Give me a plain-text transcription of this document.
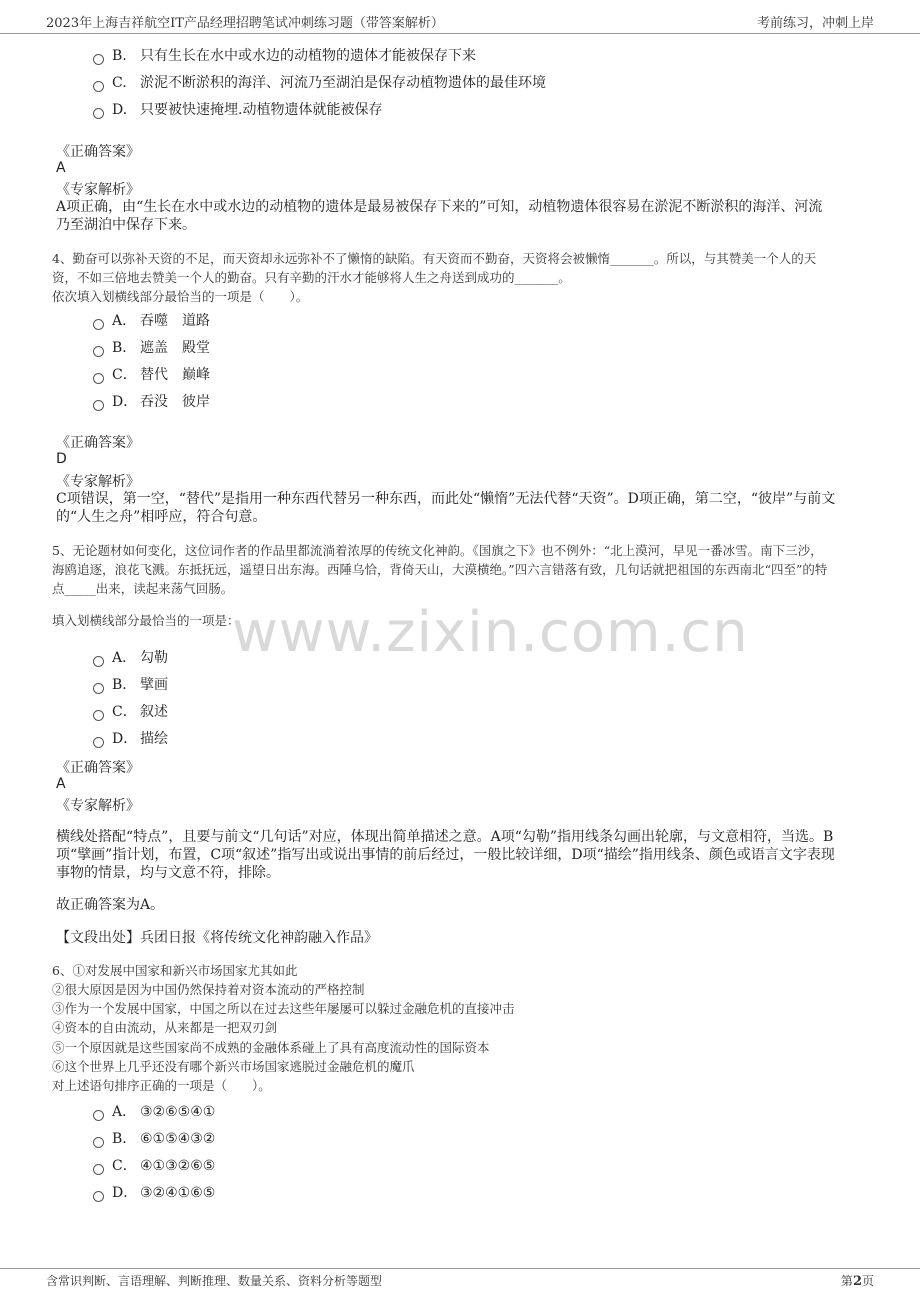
2023年上海吉祥航空IT产品经理招聘笔试冲刺练习题（带答案解析）	考前练习，冲刺上岸
www.zixin.com.cn
B. 只有生长在水中或水边的动植物的遗体才能被保存下来
C. 淤泥不断淤积的海洋、河流乃至湖泊是保存动植物遗体的最佳环境
D. 只要被快速掩埋.动植物遗体就能被保存
《正确答案》
A
《专家解析》
A项正确，由“生长在水中或水边的动植物的遗体是最易被保存下来的”可知，动植物遗体很容易在淤泥不断淤积的海洋、河流
乃至湖泊中保存下来。
4、勤奋可以弥补天资的不足，而天资却永远弥补不了懒惰的缺陷。有天资而不勤奋，天资将会被懒惰_______。所以，与其赞美一个人的天
资，不如三倍地去赞美一个人的勤奋。只有辛勤的汗水才能够将人生之舟送到成功的_______。
依次填入划横线部分最恰当的一项是（　　）。
A． 吞噬 道路
B． 遮盖 殿堂
C． 替代 巅峰
D． 吞没 彼岸
《正确答案》
D
《专家解析》
C项错误，第一空，“替代”是指用一种东西代替另一种东西，而此处“懒惰”无法代替“天资”。D项正确，第二空，“彼岸”与前文
的“人生之舟”相呼应，符合句意。
5、无论题材如何变化，这位词作者的作品里都流淌着浓厚的传统文化神韵。《国旗之下》也不例外：“北上漠河，早见一番冰雪。南下三沙，
海鸥追逐，浪花飞溅。东抵抚远，遥望日出东海。西陲乌恰，背倚天山，大漠横绝。”四六言错落有致，几句话就把祖国的东西南北“四至”的特
点_____出来，读起来荡气回肠。
填入划横线部分最恰当的一项是：
A． 勾勒
B. 擘画
C． 叙述
D． 描绘
《正确答案》
A
《专家解析》
横线处搭配“特点”，且要与前文“几句话”对应，体现出简单描述之意。A项“勾勒”指用线条勾画出轮廓，与文意相符，当选。B
项“擘画”指计划，布置，C项“叙述”指写出或说出事情的前后经过，一般比较详细，D项“描绘”指用线条、颜色或语言文字表现
事物的情景，均与文意不符，排除。
故正确答案为A。
【文段出处】兵团日报《将传统文化神韵融入作品》
6、①对发展中国家和新兴市场国家尤其如此
②很大原因是因为中国仍然保持着对资本流动的严格控制
③作为一个发展中国家，中国之所以在过去这些年屡屡可以躲过金融危机的直接冲击
④资本的自由流动，从来都是一把双刃剑
⑤一个原因就是这些国家尚不成熟的金融体系碰上了具有高度流动性的国际资本
⑥这个世界上几乎还没有哪个新兴市场国家逃脱过金融危机的魔爪
对上述语句排序正确的一项是（　　）。
A． ③②⑥⑤④①
B． ⑥①⑤④③②
C． ④①③②⑥⑤
D． ③②④①⑥⑤
含常识判断、言语理解、判断推理、数量关系、资料分析等题型	第2页
